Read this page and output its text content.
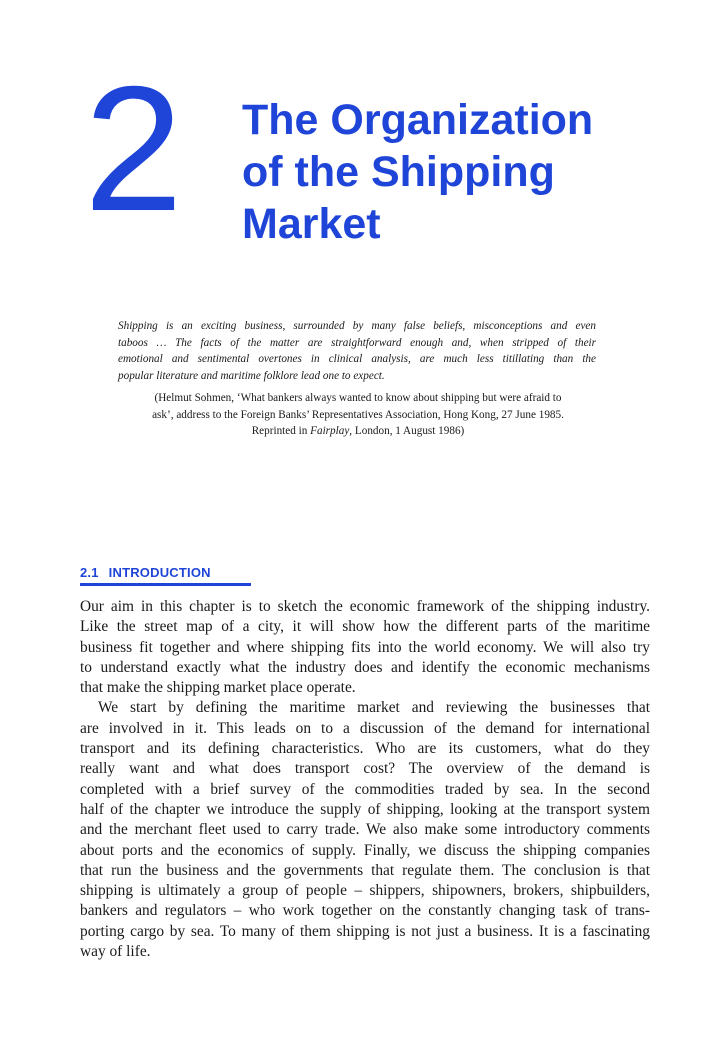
2 The Organization
of the Shipping
Market
Shipping is an exciting business, surrounded by many false beliefs, misconceptions and even
taboos … The facts of the matter are straightforward enough and, when stripped of their
emotional and sentimental overtones in clinical analysis, are much less titillating than the
popular literature and maritime folklore lead one to expect.
(Helmut Sohmen, ‘What bankers always wanted to know about shipping but were afraid to
ask’, address to the Foreign Banks’ Representatives Association, Hong Kong, 27 June 1985.
Reprinted in Fairplay, London, 1 August 1986)
2.1 INTRODUCTION
Our aim in this chapter is to sketch the economic framework of the shipping industry.
Like the street map of a city, it will show how the different parts of the maritime
business fit together and where shipping fits into the world economy. We will also try
to understand exactly what the industry does and identify the economic mechanisms
that make the shipping market place operate.
We start by defining the maritime market and reviewing the businesses that
are involved in it. This leads on to a discussion of the demand for international
transport and its defining characteristics. Who are its customers, what do they
really want and what does transport cost? The overview of the demand is
completed with a brief survey of the commodities traded by sea. In the second
half of the chapter we introduce the supply of shipping, looking at the transport system
and the merchant fleet used to carry trade. We also make some introductory comments
about ports and the economics of supply. Finally, we discuss the shipping companies
that run the business and the governments that regulate them. The conclusion is that
shipping is ultimately a group of people – shippers, shipowners, brokers, shipbuilders,
bankers and regulators – who work together on the constantly changing task of trans-
porting cargo by sea. To many of them shipping is not just a business. It is a fascinating
way of life.
